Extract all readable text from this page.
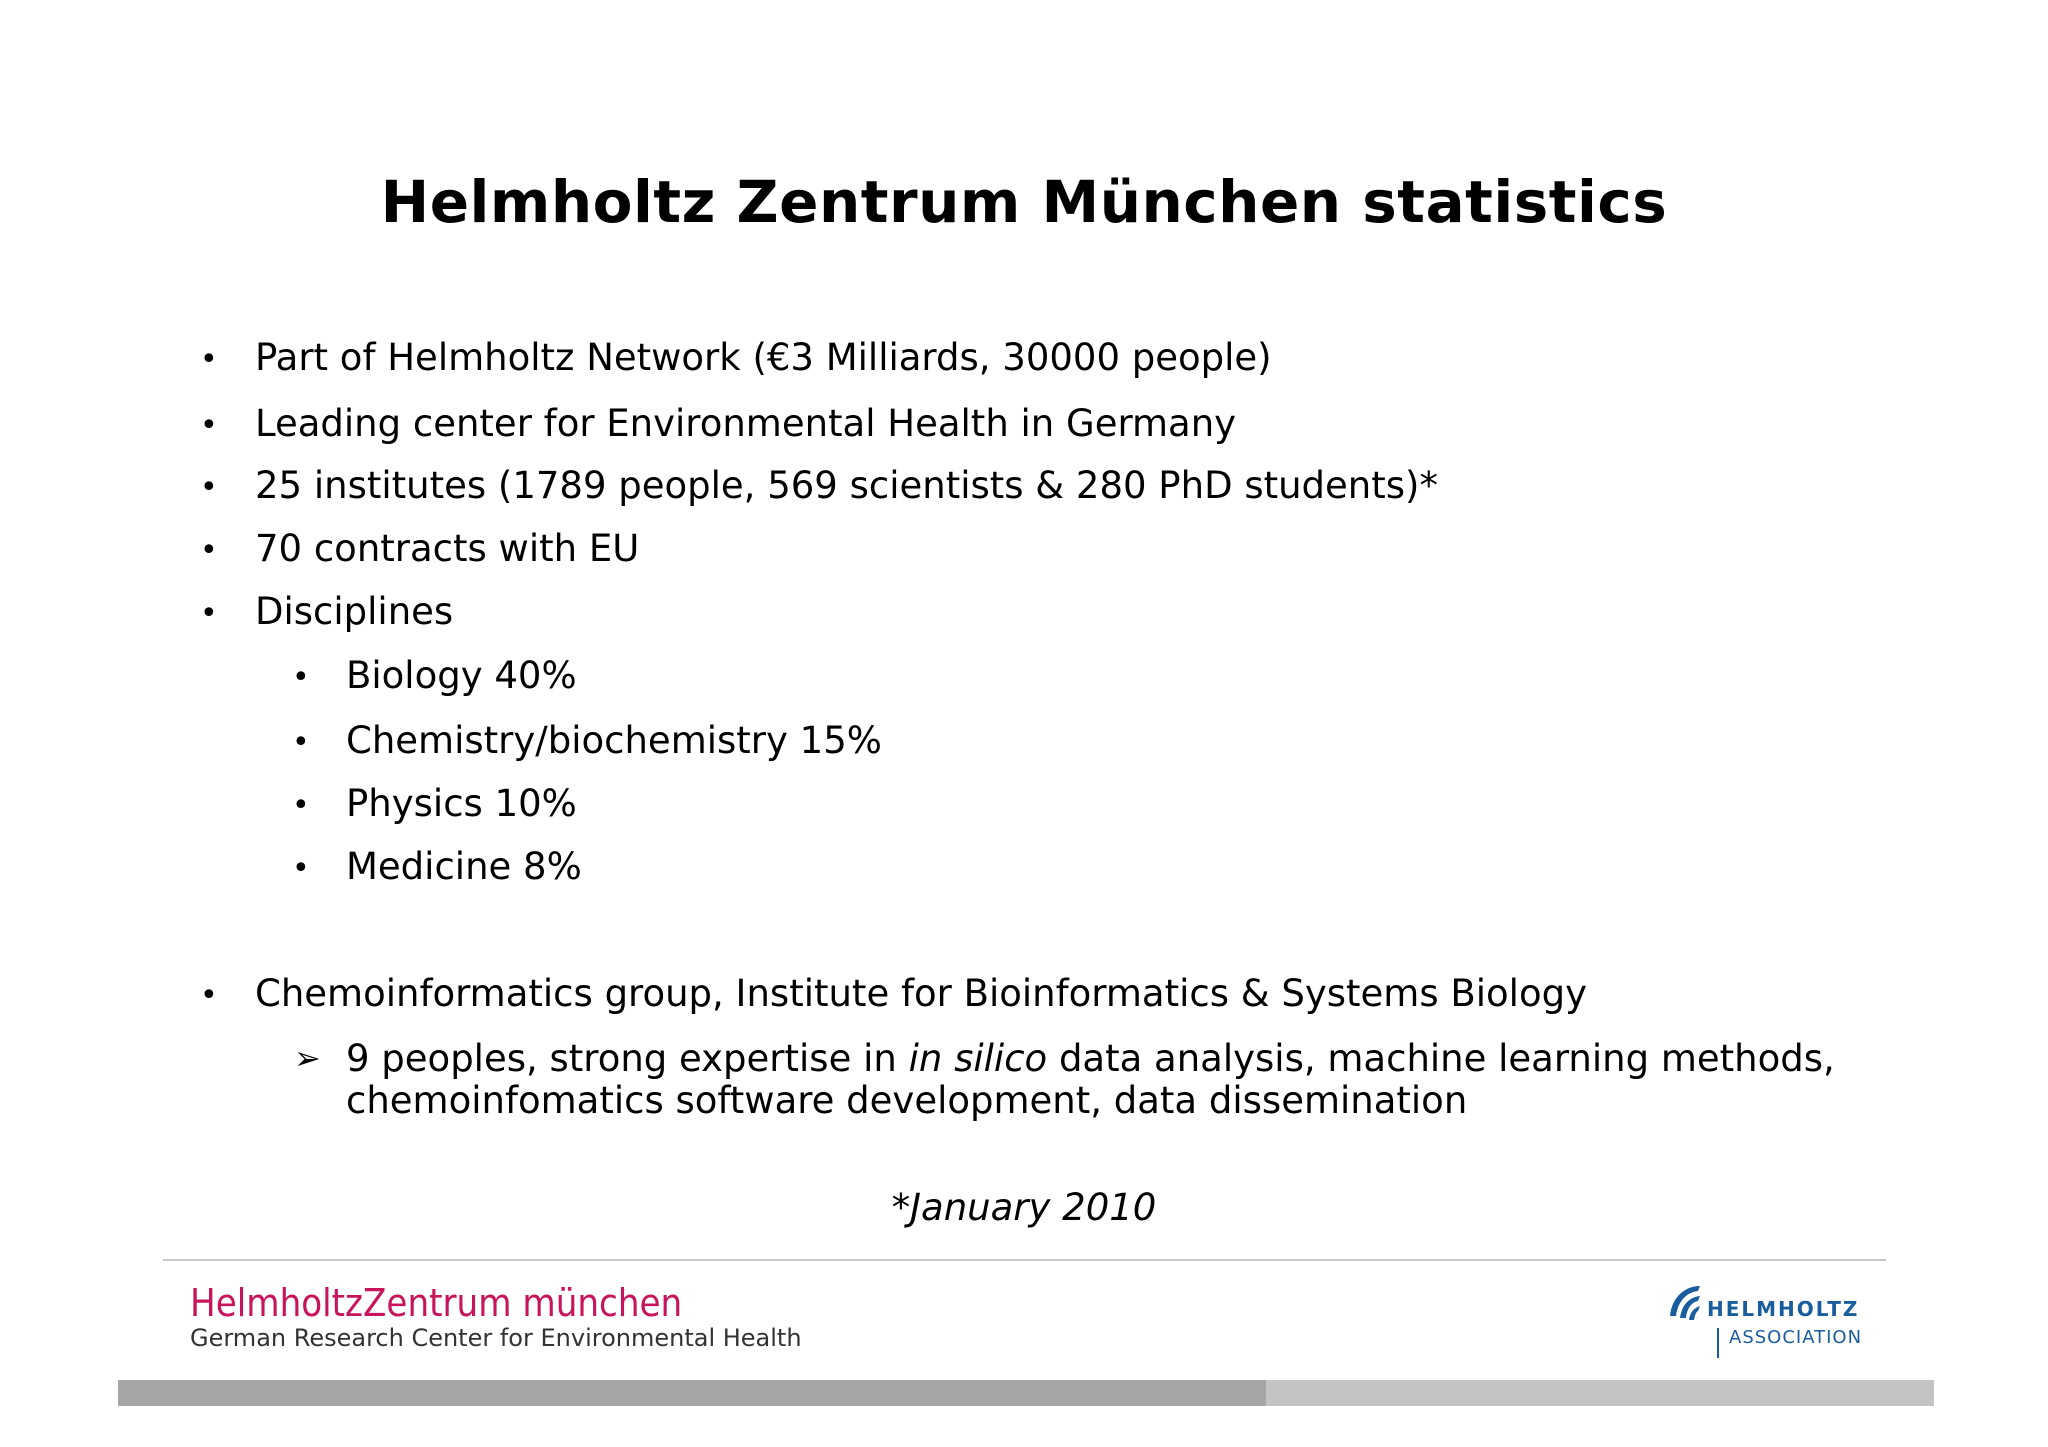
Helmholtz Zentrum München statistics
• Part of Helmholtz Network (€3 Milliards, 30000 people)
• Leading center for Environmental Health in Germany
• 25 institutes (1789 people, 569 scientists & 280 PhD students)*
• 70 contracts with EU
• Disciplines
• Biology 40%
• Chemistry/biochemistry 15%
• Physics 10%
• Medicine 8%
• Chemoinformatics group, Institute for Bioinformatics & Systems Biology
➢ 9 peoples, strong expertise in in silico data analysis, machine learning methods, chemoinfomatics software development, data dissemination
*January 2010
HelmholtzZentrum münchen
German Research Center for Environmental Health
HELMHOLTZ
ASSOCIATION
